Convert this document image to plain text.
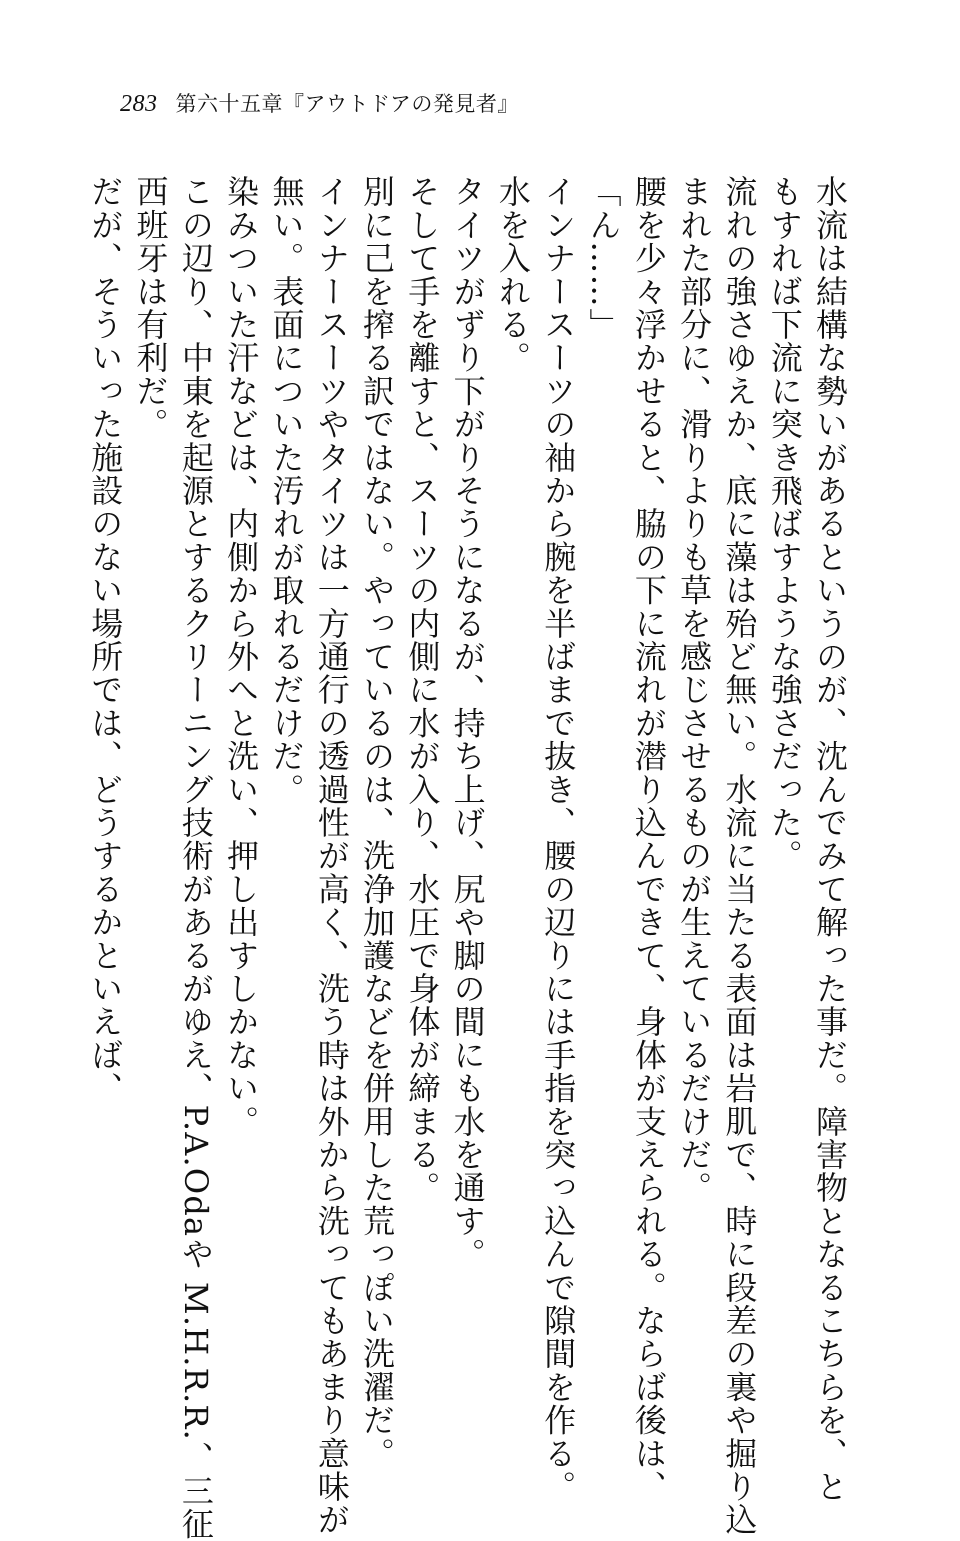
283 第六十五章『アウトドアの発見者』
水流は結構な勢いがあるというのが、沈んでみて解った事だ。障害物となるこちらを、と
もすれば下流に突き飛ばすような強さだった。
流れの強さゆえか、底に藻は殆ど無い。水流に当たる表面は岩肌で、時に段差の裏や掘り込
まれた部分に、滑りよりも草を感じさせるものが生えているだけだ。
腰を少々浮かせると、脇の下に流れが潜り込んできて、身体が支えられる。ならば後は、
「ん……」
インナースーツの袖から腕を半ばまで抜き、腰の辺りには手指を突っ込んで隙間を作る。
水を入れる。
タイツがずり下がりそうになるが、持ち上げ、尻や脚の間にも水を通す。
そして手を離すと、スーツの内側に水が入り、水圧で身体が締まる。
別に己を搾る訳ではない。やっているのは、洗浄加護などを併用した荒っぽい洗濯だ。
インナースーツやタイツは一方通行の透過性が高く、洗う時は外から洗ってもあまり意味が
無い。表面についた汚れが取れるだけだ。
染みついた汗などは、内側から外へと洗い、押し出すしかない。
この辺り、中東を起源とするクリーニング技術があるがゆえ、P.A.Odaや M.H.R.R.、三征
西班牙は有利だ。
だが、そういった施設のない場所では、どうするかといえば、
